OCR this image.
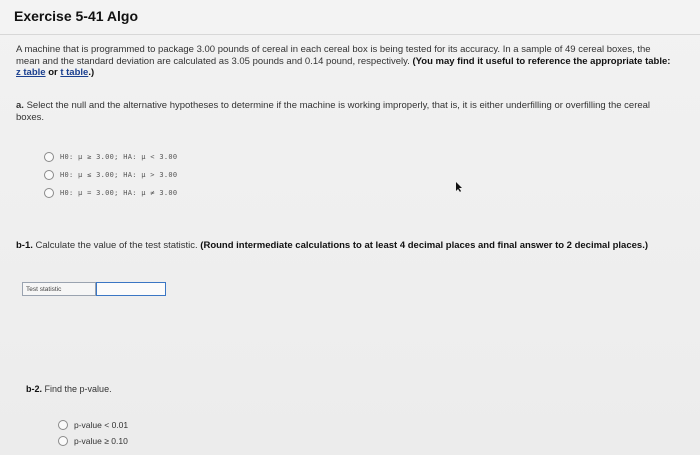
Exercise 5-41 Algo

A machine that is programmed to package 3.00 pounds of cereal in each cereal box is being tested for its accuracy. In a sample of 49 cereal boxes, the mean and the standard deviation are calculated as 3.05 pounds and 0.14 pound, respectively. (You may find it useful to reference the appropriate table: z table or t table.)

a. Select the null and the alternative hypotheses to determine if the machine is working improperly, that is, it is either underfilling or overfilling the cereal boxes.
H0: μ ≥ 3.00; HA: μ < 3.00
H0: μ ≤ 3.00; HA: μ > 3.00
H0: μ = 3.00; HA: μ ≠ 3.00
b-1. Calculate the value of the test statistic. (Round intermediate calculations to at least 4 decimal places and final answer to 2 decimal places.)
Test statistic
b-2. Find the p-value.
p-value < 0.01
p-value ≥ 0.10
